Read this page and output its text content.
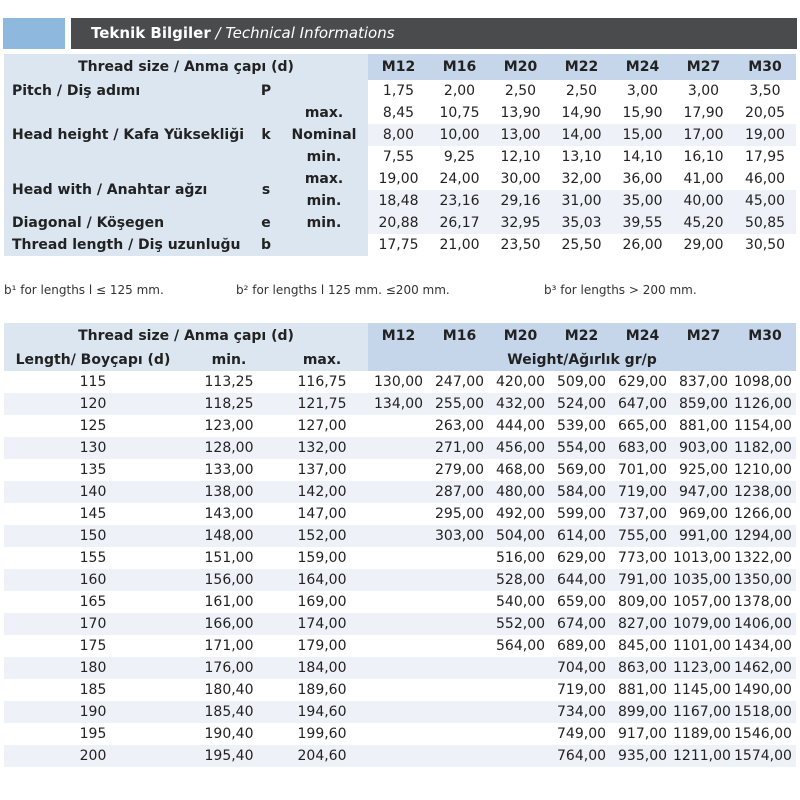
Teknik Bilgiler / Technical Informations
Thread size / Anma çapı (d)			M12	M16	M20	M22	M24	M27	M30
Pitch / Diş adımı	P		1,75	2,00	2,50	2,50	3,00	3,00	3,50
Head height / Kafa Yüksekliği	k	max.	8,45	10,75	13,90	14,90	15,90	17,90	20,05
		Nominal	8,00	10,00	13,00	14,00	15,00	17,00	19,00
		min.	7,55	9,25	12,10	13,10	14,10	16,10	17,95
Head with / Anahtar ağzı	s	max.	19,00	24,00	30,00	32,00	36,00	41,00	46,00
		min.	18,48	23,16	29,16	31,00	35,00	40,00	45,00
Diagonal / Köşegen	e	min.	20,88	26,17	32,95	35,03	39,55	45,20	50,85
Thread length / Diş uzunluğu	b		17,75	21,00	23,50	25,50	26,00	29,00	30,50
b¹ for lengths l ≤ 125 mm.	b² for lengths l 125 mm. ≤200 mm.	b³ for lengths > 200 mm.
Thread size / Anma çapı (d)			M12	M16	M20	M22	M24	M27	M30
Length/ Boyçapı (d)	min.	max.	Weight/Ağırlık gr/p						
115	113,25	116,75	130,00	247,00	420,00	509,00	629,00	837,00	1098,00
120	118,25	121,75	134,00	255,00	432,00	524,00	647,00	859,00	1126,00
125	123,00	127,00		263,00	444,00	539,00	665,00	881,00	1154,00
130	128,00	132,00		271,00	456,00	554,00	683,00	903,00	1182,00
135	133,00	137,00		279,00	468,00	569,00	701,00	925,00	1210,00
140	138,00	142,00		287,00	480,00	584,00	719,00	947,00	1238,00
145	143,00	147,00		295,00	492,00	599,00	737,00	969,00	1266,00
150	148,00	152,00		303,00	504,00	614,00	755,00	991,00	1294,00
155	151,00	159,00			516,00	629,00	773,00	1013,00	1322,00
160	156,00	164,00			528,00	644,00	791,00	1035,00	1350,00
165	161,00	169,00			540,00	659,00	809,00	1057,00	1378,00
170	166,00	174,00			552,00	674,00	827,00	1079,00	1406,00
175	171,00	179,00			564,00	689,00	845,00	1101,00	1434,00
180	176,00	184,00				704,00	863,00	1123,00	1462,00
185	180,40	189,60				719,00	881,00	1145,00	1490,00
190	185,40	194,60				734,00	899,00	1167,00	1518,00
195	190,40	199,60				749,00	917,00	1189,00	1546,00
200	195,40	204,60				764,00	935,00	1211,00	1574,00
